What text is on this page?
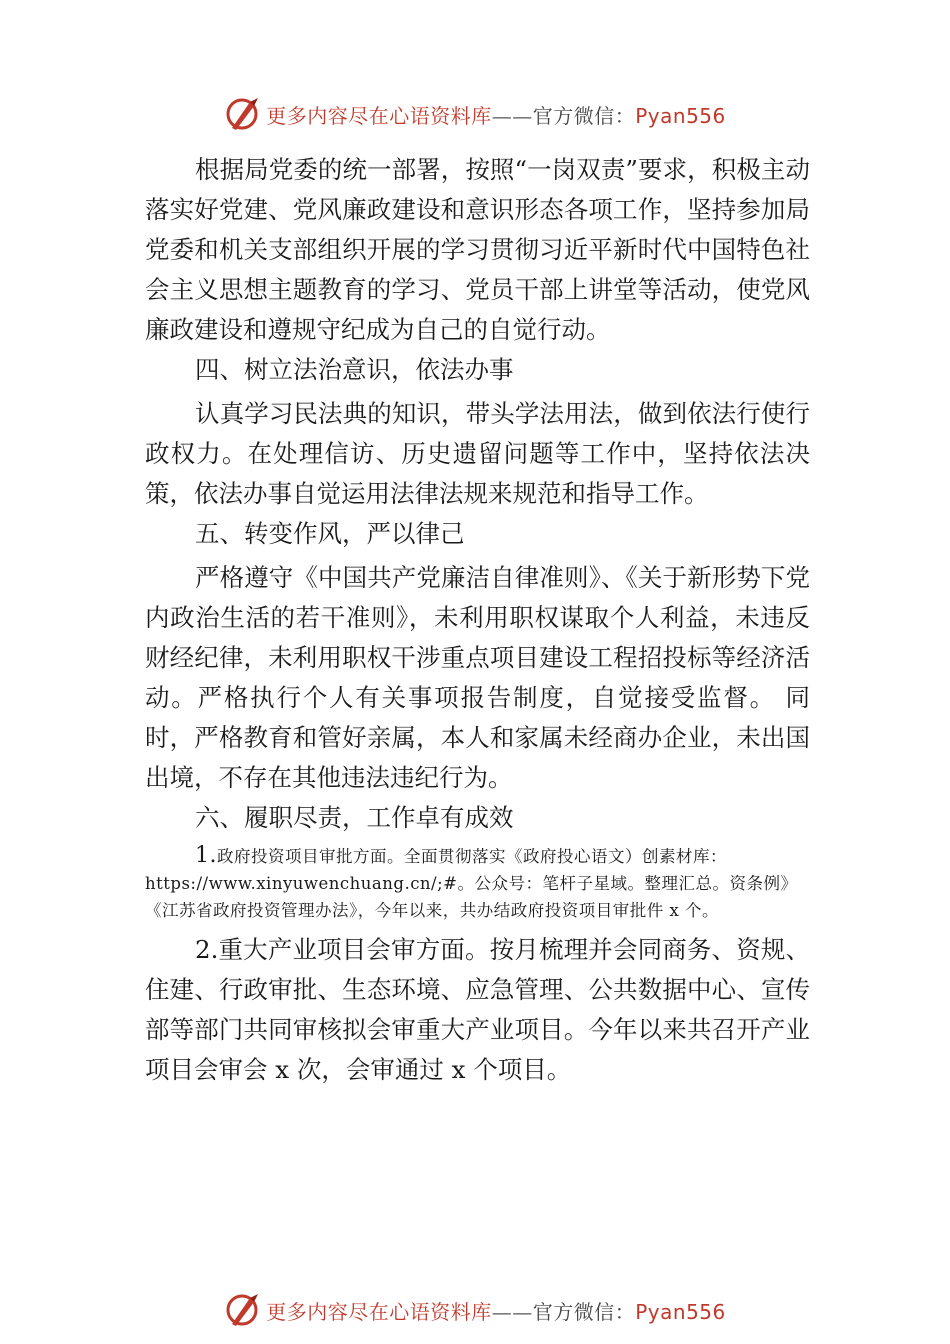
更多内容尽在心语资料库——官方微信：Pyan556

根据局党委的统一部署，按照“一岗双责”要求，积极主动落实好党建、党风廉政建设和意识形态各项工作，坚持参加局党委和机关支部组织开展的学习贯彻习近平新时代中国特色社会主义思想主题教育的学习、党员干部上讲堂等活动，使党风廉政建设和遵规守纪成为自己的自觉行动。

四、树立法治意识，依法办事

认真学习民法典的知识，带头学法用法，做到依法行使行政权力。在处理信访、历史遗留问题等工作中，坚持依法决策，依法办事自觉运用法律法规来规范和指导工作。

五、转变作风，严以律己

严格遵守《中国共产党廉洁自律准则》、《关于新形势下党内政治生活的若干准则》，未利用职权谋取个人利益，未违反财经纪律，未利用职权干涉重点项目建设工程招投标等经济活动。严格执行个人有关事项报告制度，自觉接受监督。 同时，严格教育和管好亲属，本人和家属未经商办企业，未出国出境，不存在其他违法违纪行为。

六、履职尽责，工作卓有成效

1.政府投资项目审批方面。全面贯彻落实《政府投心语文）创素材库：https://www.xinyuwenchuang.cn/;#。公众号：笔杆子星域。整理汇总。资条例》《江苏省政府投资管理办法》，今年以来，共办结政府投资项目审批件 x 个。

2.重大产业项目会审方面。按月梳理并会同商务、资规、住建、行政审批、生态环境、应急管理、公共数据中心、宣传部等部门共同审核拟会审重大产业项目。今年以来共召开产业项目会审会 x 次，会审通过 x 个项目。

更多内容尽在心语资料库——官方微信：Pyan556
